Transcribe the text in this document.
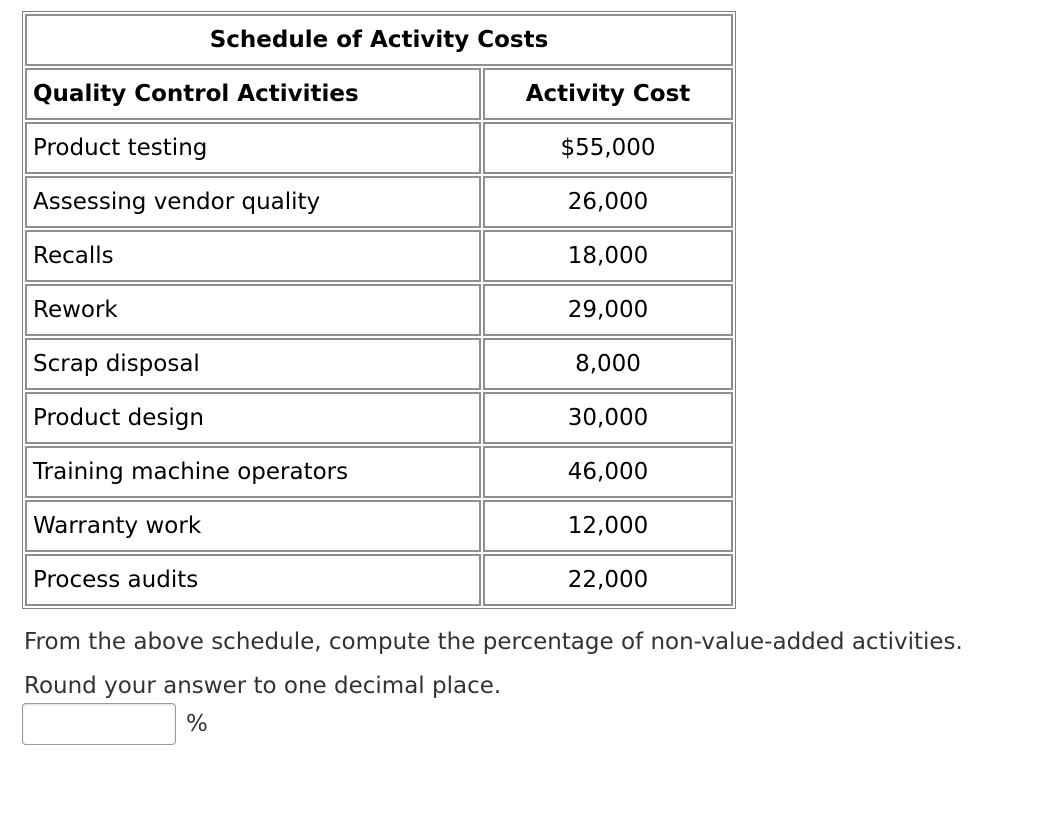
Schedule of Activity Costs	
Quality Control Activities	Activity Cost
Product testing	$55,000
Assessing vendor quality	26,000
Recalls	18,000
Rework	29,000
Scrap disposal	8,000
Product design	30,000
Training machine operators	46,000
Warranty work	12,000
Process audits	22,000
From the above schedule, compute the percentage of non-value-added activities.
Round your answer to one decimal place.
%
